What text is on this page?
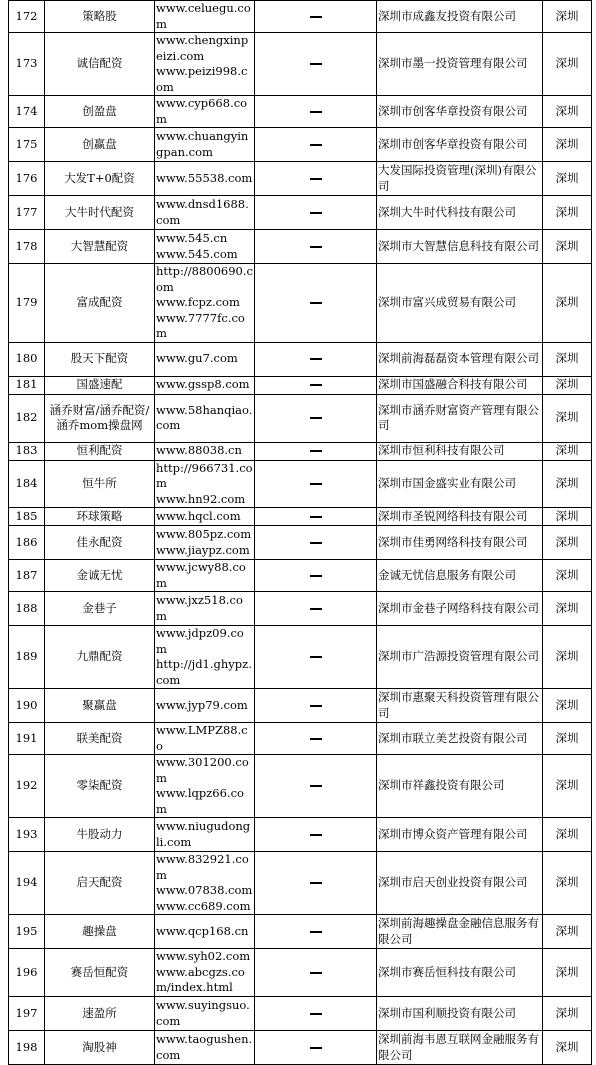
172	策略股	www.celuegu.com		深圳市成鑫友投资有限公司	深圳
173	诚信配资	www.chengxinpeizi.com
www.peizi998.com		深圳市墨一投资管理有限公司	深圳
174	创盈盘	www.cyp668.com		深圳市创客华章投资有限公司	深圳
175	创赢盘	www.chuangyingpan.com		深圳市创客华章投资有限公司	深圳
176	大发T+0配资	www.55538.com		大发国际投资管理(深圳)有限公司	深圳
177	大牛时代配资	www.dnsd1688.com		深圳大牛时代科技有限公司	深圳
178	大智慧配资	www.545.cn
www.545.com		深圳市大智慧信息科技有限公司	深圳
179	富成配资	http://8800690.com
www.fcpz.com
www.7777fc.com		深圳市富兴成贸易有限公司	深圳
180	股天下配资	www.gu7.com		深圳前海磊磊资本管理有限公司	深圳
181	国盛速配	www.gssp8.com		深圳市国盛融合科技有限公司	深圳
182	涵乔财富/涵乔配资/涵乔mom操盘网	www.58hanqiao.com		深圳市涵乔财富资产管理有限公司	深圳
183	恒利配资	www.88038.cn		深圳市恒利科技有限公司	深圳
184	恒牛所	http://966731.com
www.hn92.com		深圳市国金盛实业有限公司	深圳
185	环球策略	www.hqcl.com		深圳市圣锐网络科技有限公司	深圳
186	佳永配资	www.805pz.com
www.jiaypz.com		深圳市佳勇网络科技有限公司	深圳
187	金诚无忧	www.jcwy88.com		金诚无忧信息服务有限公司	深圳
188	金巷子	www.jxz518.com		深圳市金巷子网络科技有限公司	深圳
189	九鼎配资	www.jdpz09.com
http://jd1.ghypz.com		深圳市广浩源投资管理有限公司	深圳
190	聚赢盘	www.jyp79.com		深圳市惠聚天科投资管理有限公司	深圳
191	联美配资	www.LMPZ88.co		深圳市联立美艺投资有限公司	深圳
192	零柒配资	www.301200.com
www.lqpz66.com		深圳市祥鑫投资有限公司	深圳
193	牛股动力	www.niugudongli.com		深圳市博众资产管理有限公司	深圳
194	启天配资	www.832921.com
www.07838.com
www.cc689.com		深圳市启天创业投资有限公司	深圳
195	趣操盘	www.qcp168.cn		深圳前海趣操盘金融信息服务有限公司	深圳
196	赛岳恒配资	www.syh02.com
www.abcgzs.com/index.html		深圳市赛岳恒科技有限公司	深圳
197	速盈所	www.suyingsuo.com		深圳市国利顺投资有限公司	深圳
198	淘股神	www.taogushen.com		深圳前海韦恩互联网金融服务有限公司	深圳
